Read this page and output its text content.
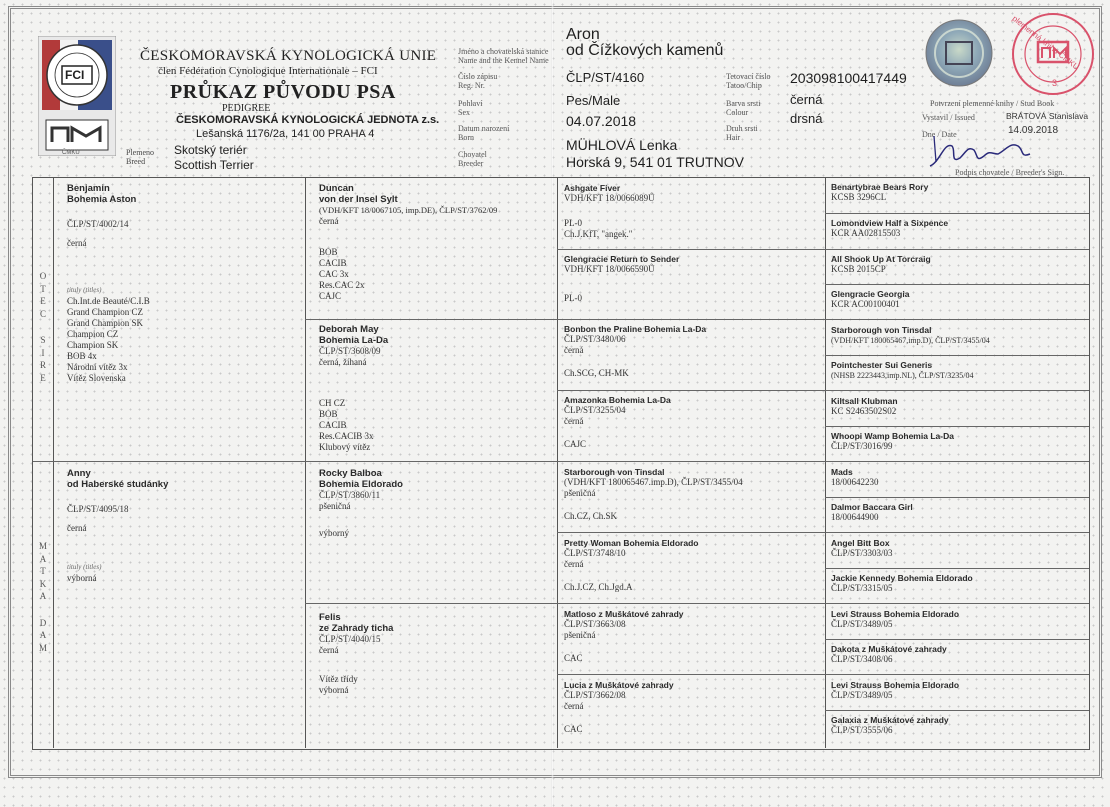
FCI
ČMKU
ČESKOMORAVSKÁ KYNOLOGICKÁ UNIE
člen Fédération Cynologique Internationale – FCI
PRŮKAZ PŮVODU PSA
PEDIGREE
ČESKOMORAVSKÁ KYNOLOGICKÁ JEDNOTA z.s.
Lešanská 1176/2a, 141 00 PRAHA 4
Plemeno
Breed
Skotský teriér
Scottish Terrier
Jméno a chovatelská stanice
Name and the Kennel Name
Číslo zápisu
Reg. Nr.
Pohlaví
Sex
Datum narození
Born
Chovatel
Breeder
Aron
od Čížkových kamenů
ČLP/ST/4160
Pes/Male
04.07.2018
MÜHLOVÁ Lenka
Horská 9, 541 01 TRUTNOV
Tetovací číslo
Tatoo/Chip
Barva srsti
Colour
Druh srsti
Hair
203098100417449
černá
drsná
plemenná kniha ČMKU
3
Potvrzení plemenné knihy / Stud Book
Vystavil / Issued	BRÁTOVÁ Stanislava
Dne / Date	14.09.2018
Podpis chovatele / Breeder's Sign.
O
T
E
C
S
I
R
E
M
A
T
K
A
D
A
M
Benjamin
Bohemia Aston
ČLP/ST/4002/14
černá
tituly (titles)
Ch.Int.de Beauté/C.I.B
Grand Champion CZ
Grand Champion SK
Champion CZ
Champion SK
BOB 4x
Národní vítěz 3x
Vítěz Slovenska
Anny
od Haberské studánky
ČLP/ST/4095/18
černá
tituly (titles)
výborná
Duncan
von der Insel Sylt
(VDH/KFT 18/0067105, imp.DE), ČLP/ST/3762/09
černá
BOB
CACIB
CAC 3x
Res.CAC 2x
CAJC
Deborah May
Bohemia La-Da
ČLP/ST/3608/09
černá, žíhaná
CH CZ
BOB
CACIB
Res.CACIB 3x
Klubový vítěz
Rocky Balboa
Bohemia Eldorado
ČLP/ST/3860/11
pšeničná
výborný
Felis
ze Zahrady ticha
ČLP/ST/4040/15
černá
Vítěz třídy
výborná
Ashgate Fiver
VDH/KFT 18/0066089Ů
PL-0
Ch.J.KfT, "angek."
Glengracie Return to Sender
VDH/KFT 18/0066590Ů
PL-0
Bonbon the Praline Bohemia La-Da
ČLP/ST/3480/06
černá
Ch.SCG, CH-MK
Amazonka Bohemia La-Da
ČLP/ST/3255/04
černá
CAJC
Starborough von Tinsdal
(VDH/KFT 180065467.imp.D), ČLP/ST/3455/04
pšeničná
Ch.CZ, Ch.SK
Pretty Woman Bohemia Eldorado
ČLP/ST/3748/10
černá
Ch.J.CZ, Ch.Jgd.A
Matloso z Muškátové zahrady
ČLP/ST/3663/08
pšeničná
CAC
Lucia z Muškátové zahrady
ČLP/ST/3662/08
černá
CAC
Benartybrae Bears Rory
KCSB 3296CL
Lomondview Half a Sixpence
KCR AA02815503
All Shook Up At Torcraig
KCSB 2015CP
Glengracie Georgia
KCR AC00100401
Starborough von Tinsdal
(VDH/KFT 180065467,imp.D), ČLP/ST/3455/04
Pointchester Sui Generis
(NHSB 2223443,imp.NL), ČLP/ST/3235/04
Kiltsall Klubman
KC S2463502S02
Whoopi Wamp Bohemia La-Da
ČLP/ST/3016/99
Mads
18/00642230
Dalmor Baccara Girl
18/00644900
Angel Bitt Box
ČLP/ST/3303/03
Jackie Kennedy Bohemia Eldorado
ČLP/ST/3315/05
Levi Strauss Bohemia Eldorado
ČLP/ST/3489/05
Dakota z Muškátové zahrady
ČLP/ST/3408/06
Levi Strauss Bohemia Eldorado
ČLP/ST/3489/05
Galaxia z Muškátové zahrady
ČLP/ST/3555/06
